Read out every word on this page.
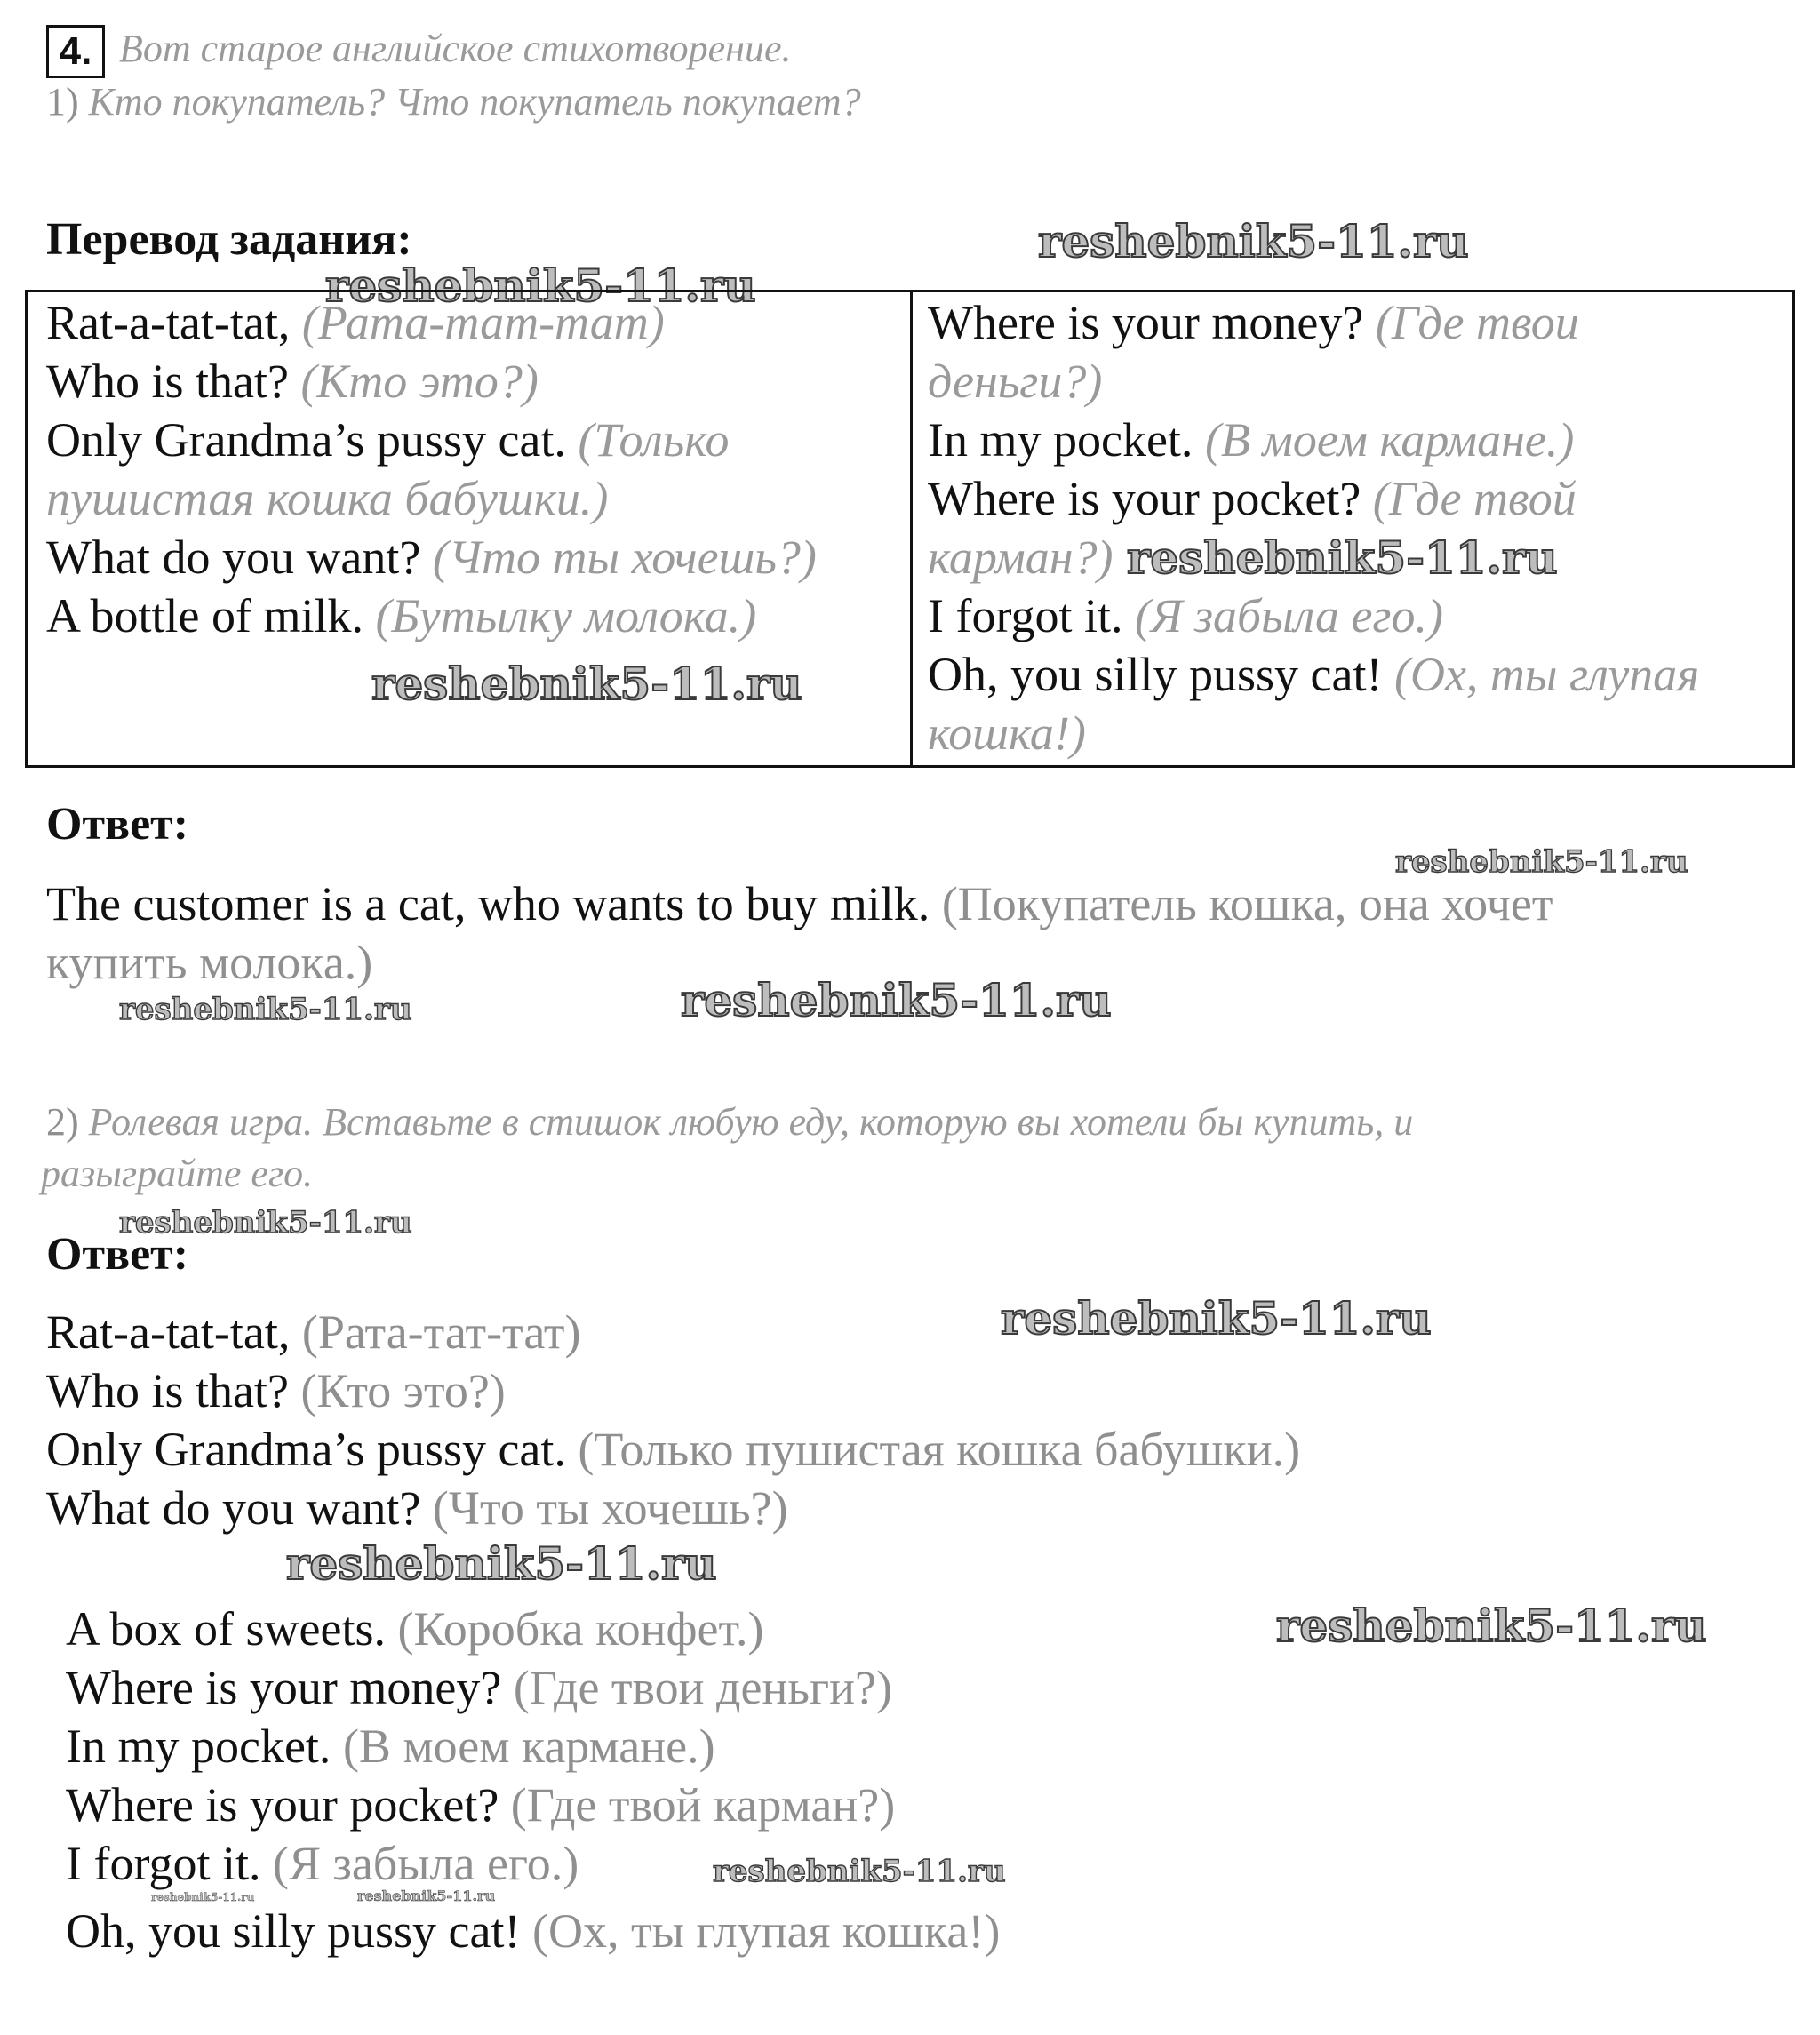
4. Вот старое английское стихотворение.
1) Кто покупатель? Что покупатель покупает?
Перевод задания:	reshebnik5-11.ru
reshebnik5-11.ru
Rat-a-tat-tat, (Рата-тат-тат)
Who is that? (Кто это?)
Only Grandma’s pussy cat. (Только
пушистая кошка бабушки.)
What do you want? (Что ты хочешь?)
A bottle of milk. (Бутылку молока.)
reshebnik5-11.ru
Where is your money? (Где твои
деньги?)
In my pocket. (В моем кармане.)
Where is your pocket? (Где твой
карман?) reshebnik5-11.ru
I forgot it. (Я забыла его.)
Oh, you silly pussy cat! (Ох, ты глупая
кошка!)
Ответ:
reshebnik5-11.ru
The customer is a cat, who wants to buy milk. (Покупатель кошка, она хочет
купить молока.)
reshebnik5-11.ru	reshebnik5-11.ru
2) Ролевая игра. Вставьте в стишок любую еду, которую вы хотели бы купить, и
разыграйте его.
reshebnik5-11.ru
Ответ:
reshebnik5-11.ru
Rat-a-tat-tat, (Рата-тат-тат)
Who is that? (Кто это?)
Only Grandma’s pussy cat. (Только пушистая кошка бабушки.)
What do you want? (Что ты хочешь?)
reshebnik5-11.ru
A box of sweets. (Коробка конфет.)	reshebnik5-11.ru
Where is your money? (Где твои деньги?)
In my pocket. (В моем кармане.)
Where is your pocket? (Где твой карман?)
I forgot it. (Я забыла его.)	reshebnik5-11.ru
reshebnik5-11.ru	reshebnik5-11.ru
Oh, you silly pussy cat! (Ох, ты глупая кошка!)
